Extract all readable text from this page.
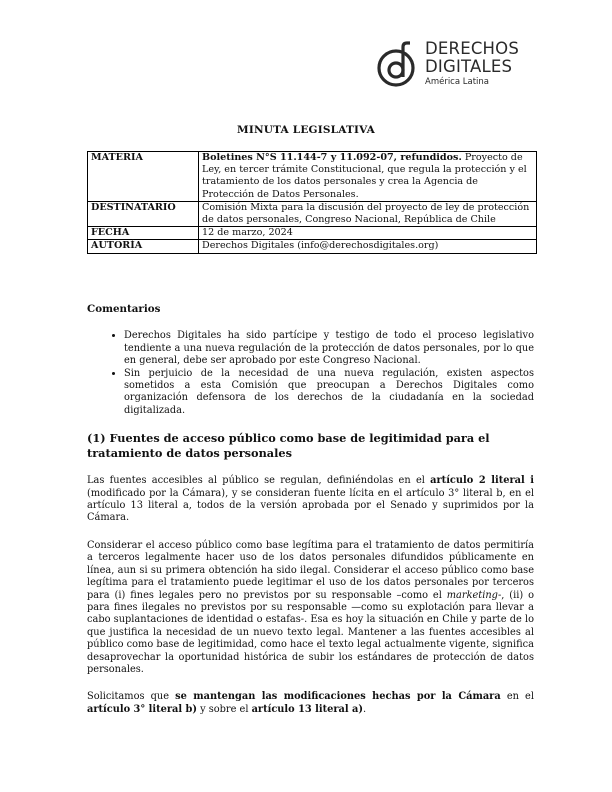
DERECHOS
DIGITALES
América Latina
MINUTA LEGISLATIVA
MATERIA	Boletines N°S 11.144-7 y 11.092-07, refundidos. Proyecto de Ley, en tercer trámite Constitucional, que regula la protección y el tratamiento de los datos personales y crea la Agencia de Protección de Datos Personales.
DESTINATARIO	Comisión Mixta para la discusión del proyecto de ley de protección de datos personales, Congreso Nacional, República de Chile
FECHA	12 de marzo, 2024
AUTORÍA	Derechos Digitales (info@derechosdigitales.org)
Comentarios

• Derechos Digitales ha sido partícipe y testigo de todo el proceso legislativo tendiente a una nueva regulación de la protección de datos personales, por lo que en general, debe ser aprobado por este Congreso Nacional.

• Sin perjuicio de la necesidad de una nueva regulación, existen aspectos sometidos a esta Comisión que preocupan a Derechos Digitales como organización defensora de los derechos de la ciudadanía en la sociedad digitalizada.

(1) Fuentes de acceso público como base de legitimidad para el tratamiento de datos personales

Las fuentes accesibles al público se regulan, definiéndolas en el artículo 2 literal i (modificado por la Cámara), y se consideran fuente lícita en el artículo 3° literal b, en el artículo 13 literal a, todos de la versión aprobada por el Senado y suprimidos por la Cámara.

Considerar el acceso público como base legítima para el tratamiento de datos permitiría a terceros legalmente hacer uso de los datos personales difundidos públicamente en línea, aun si su primera obtención ha sido ilegal. Considerar el acceso público como base legítima para el tratamiento puede legitimar el uso de los datos personales por terceros para (i) fines legales pero no previstos por su responsable –como el marketing-, (ii) o para fines ilegales no previstos por su responsable —como su explotación para llevar a cabo suplantaciones de identidad o estafas-. Esa es hoy la situación en Chile y parte de lo que justifica la necesidad de un nuevo texto legal. Mantener a las fuentes accesibles al público como base de legitimidad, como hace el texto legal actualmente vigente, significa desaprovechar la oportunidad histórica de subir los estándares de protección de datos personales.

Solicitamos que se mantengan las modificaciones hechas por la Cámara en el artículo 3° literal b) y sobre el artículo 13 literal a).
